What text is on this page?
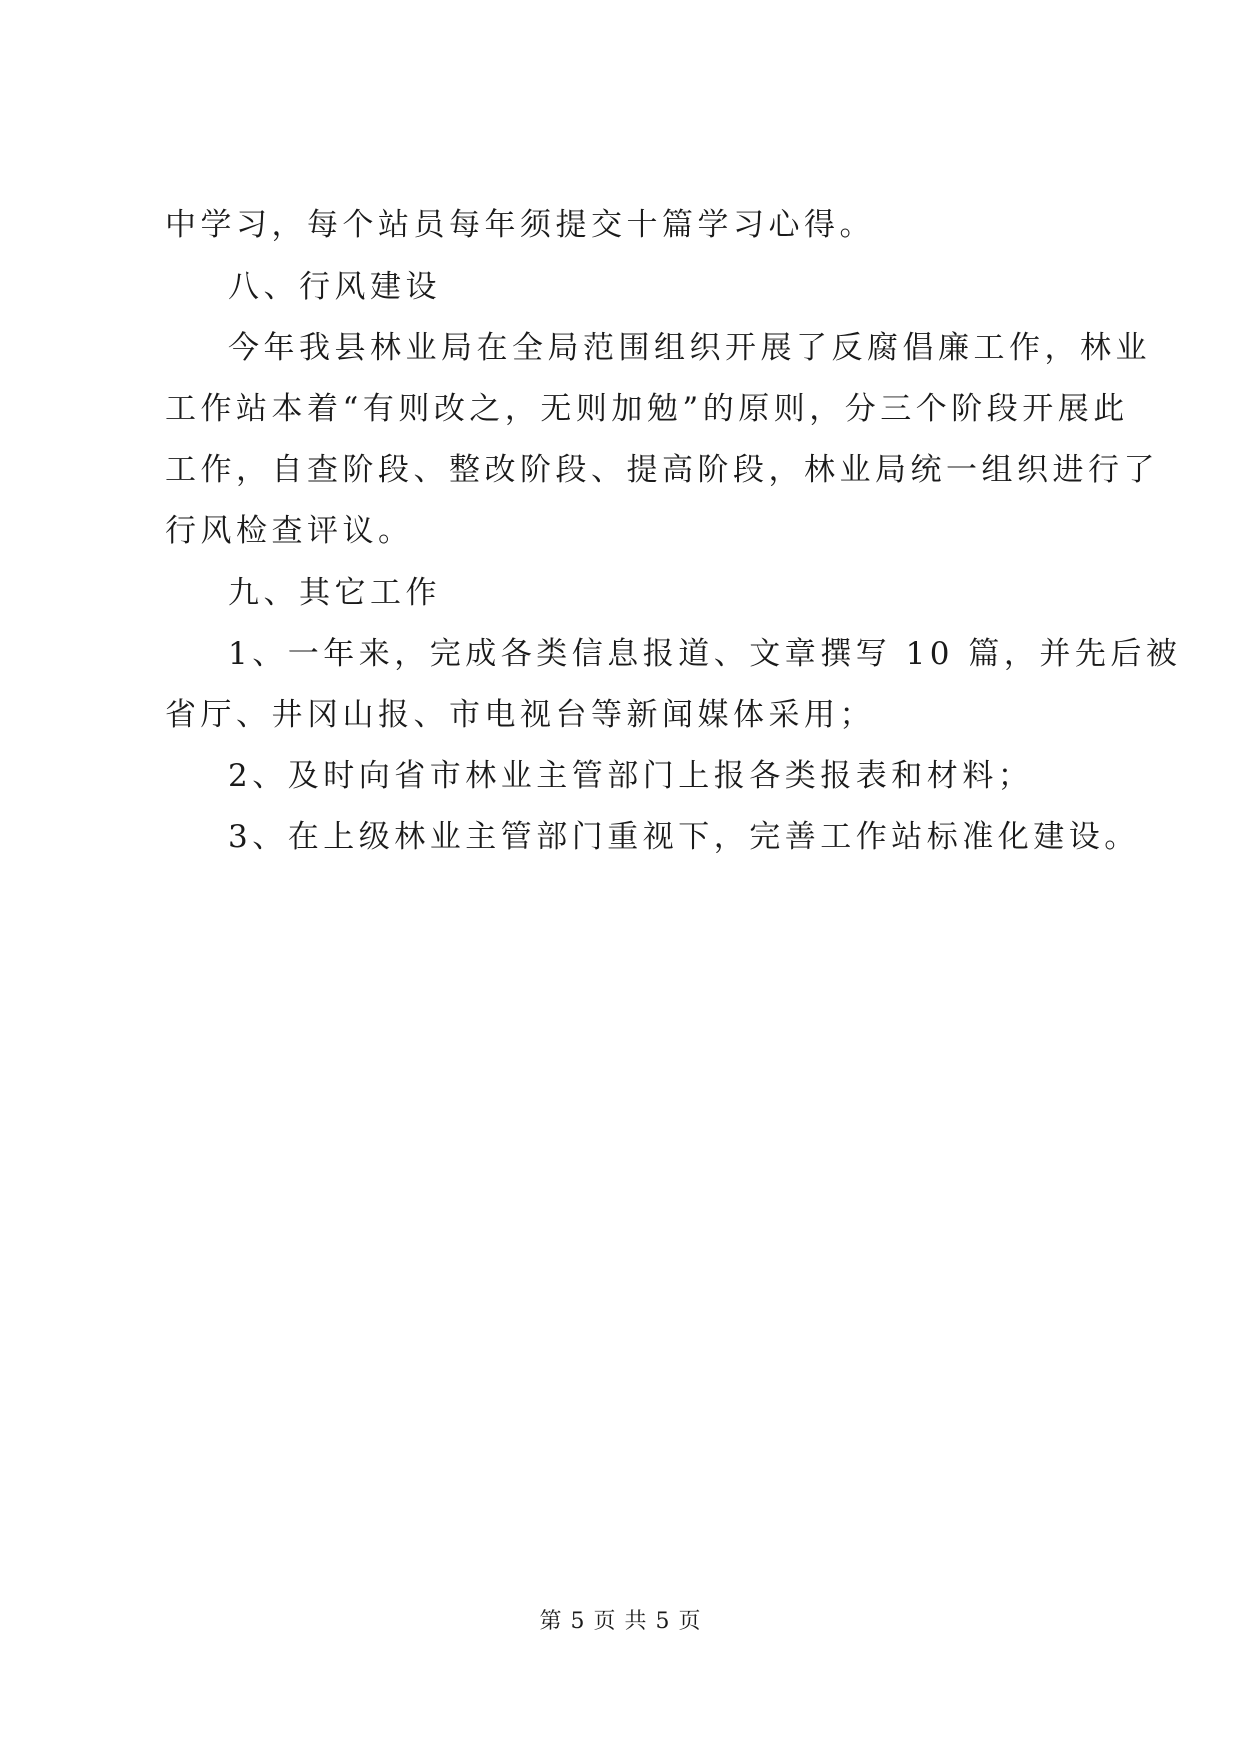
中学习，每个站员每年须提交十篇学习心得。
八、行风建设
今年我县林业局在全局范围组织开展了反腐倡廉工作，林业
工作站本着“有则改之，无则加勉”的原则，分三个阶段开展此
工作，自查阶段、整改阶段、提高阶段，林业局统一组织进行了
行风检查评议。
九、其它工作
1、一年来，完成各类信息报道、文章撰写 10 篇，并先后被
省厅、井冈山报、市电视台等新闻媒体采用；
2、及时向省市林业主管部门上报各类报表和材料；
3、在上级林业主管部门重视下，完善工作站标准化建设。
第 5 页 共 5 页
